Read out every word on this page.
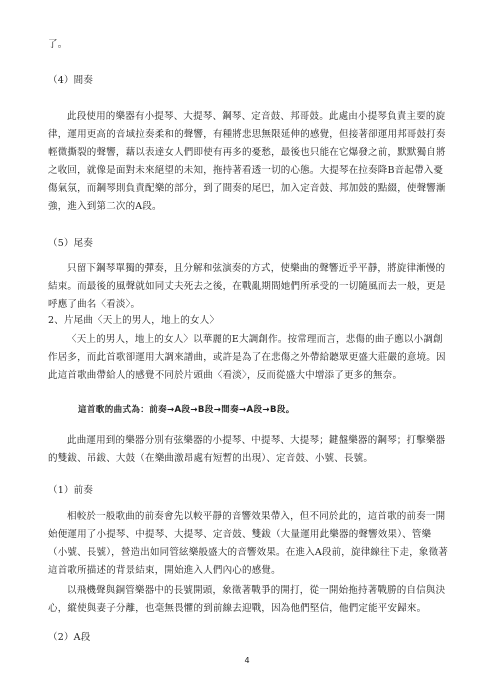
了。

（4）間奏

此段使用的樂器有小提琴、大提琴、鋼琴、定音鼓、邦哥鼓。此處由小提琴負責主要的旋律，運用更高的音域拉奏柔和的聲響，有種將悲思無限延伸的感覺，但接著卻運用邦哥鼓打奏輕微撕裂的聲響，藉以表達女人們即使有再多的憂愁，最後也只能在它爆發之前，默默獨自將之收回，就像是面對未來絕望的未知，拖持著看透一切的心態。大提琴在拉奏降B音起帶入憂傷氣氛，而鋼琴則負責配樂的部分，到了間奏的尾巴，加入定音鼓、邦加鼓的點綴，使聲響漸強，進入到第二次的A段。

（5）尾奏

只留下鋼琴單獨的彈奏，且分解和弦演奏的方式，使樂曲的聲響近乎平靜，將旋律漸慢的結束。而最後的風聲就如同丈夫死去之後，在戰亂期間她們所承受的一切隨風而去一般，更是呼應了曲名〈看淡〉。

2、片尾曲〈天上的男人，地上的女人〉

〈天上的男人，地上的女人〉以華麗的E大調創作。按常理而言，悲傷的曲子應以小調創作居多，而此首歌卻運用大調來譜曲，或許是為了在悲傷之外帶給聽眾更盛大莊嚴的意境。因此這首歌曲帶給人的感覺不同於片頭曲〈看淡〉，反而從盛大中增添了更多的無奈。

這首歌的曲式為：前奏→A段→B段→間奏→A段→B段。

此曲運用到的樂器分別有弦樂器的小提琴、中提琴、大提琴；鍵盤樂器的鋼琴；打擊樂器的雙鈸、吊鈸、大鼓（在樂曲激昂處有短暫的出現）、定音鼓、小號、長號。

（1）前奏

相較於一般歌曲的前奏會先以較平靜的音響效果帶入，但不同於此的，這首歌的前奏一開始便運用了小提琴、中提琴、大提琴、定音鼓、雙鈸（大量運用此樂器的聲響效果）、管樂（小號、長號），營造出如同管絃樂般盛大的音響效果。在進入A段前，旋律線往下走，象徵著這首歌所描述的背景結束，開始進入人們內心的感覺。

以飛機聲與銅管樂器中的長號開頭，象徵著戰爭的開打，從一開始拖持著戰勝的自信與決心，縱使與妻子分離，也毫無畏懼的到前線去迎戰，因為他們堅信，他們定能平安歸來。

（2）A段

4
